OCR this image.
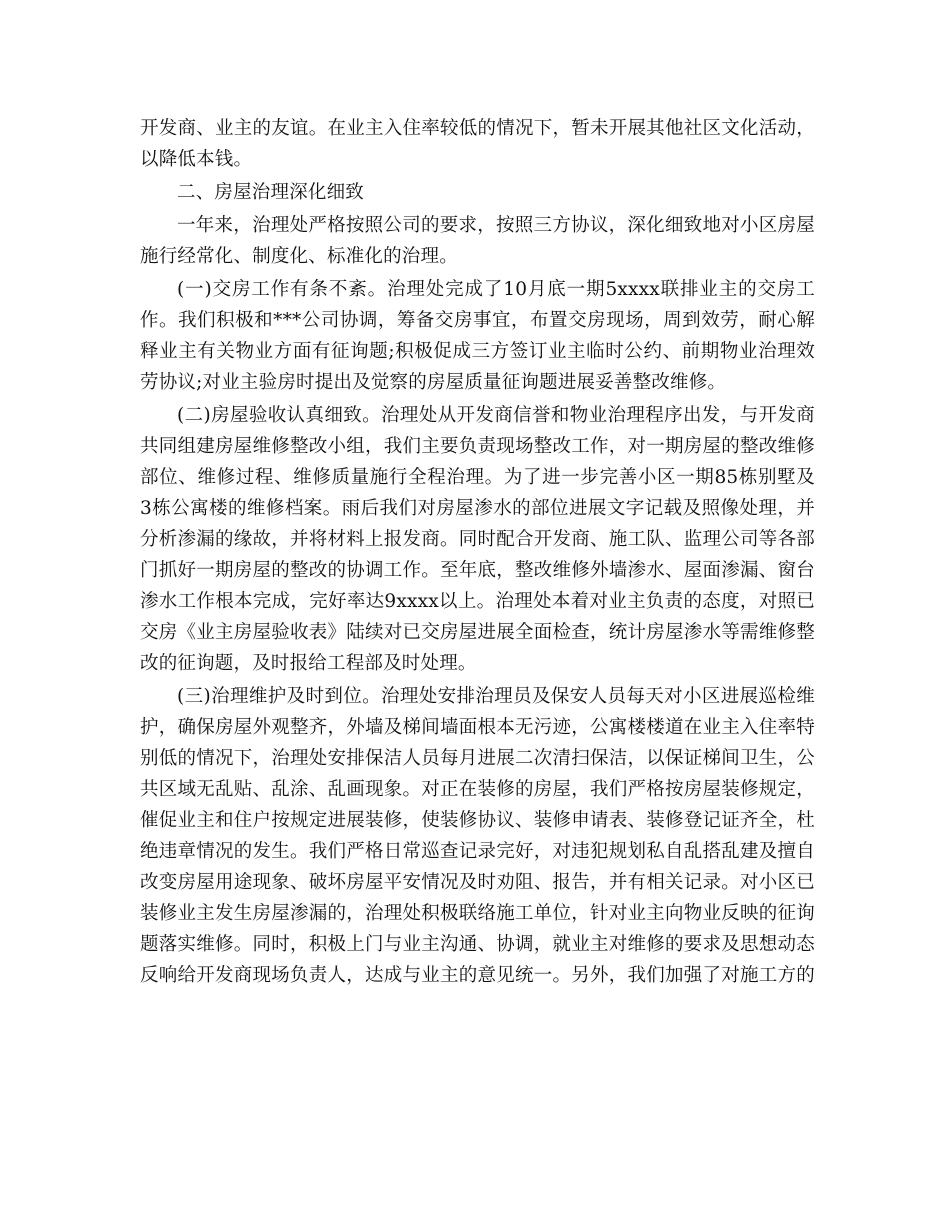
开发商、业主的友谊。在业主入住率较低的情况下，暂未开展其他社区文化活动，
以降低本钱。
二、房屋治理深化细致
一年来，治理处严格按照公司的要求，按照三方协议，深化细致地对小区房屋
施行经常化、制度化、标准化的治理。
(一)交房工作有条不紊。治理处完成了10月底一期5xxxx联排业主的交房工
作。我们积极和***公司协调，筹备交房事宜，布置交房现场，周到效劳，耐心解
释业主有关物业方面有征询题;积极促成三方签订业主临时公约、前期物业治理效
劳协议;对业主验房时提出及觉察的房屋质量征询题进展妥善整改维修。
(二)房屋验收认真细致。治理处从开发商信誉和物业治理程序出发，与开发商
共同组建房屋维修整改小组，我们主要负责现场整改工作，对一期房屋的整改维修
部位、维修过程、维修质量施行全程治理。为了进一步完善小区一期85栋别墅及
3栋公寓楼的维修档案。雨后我们对房屋渗水的部位进展文字记载及照像处理，并
分析渗漏的缘故，并将材料上报发商。同时配合开发商、施工队、监理公司等各部
门抓好一期房屋的整改的协调工作。至年底，整改维修外墙渗水、屋面渗漏、窗台
渗水工作根本完成，完好率达9xxxx以上。治理处本着对业主负责的态度，对照已
交房《业主房屋验收表》陆续对已交房屋进展全面检查，统计房屋渗水等需维修整
改的征询题，及时报给工程部及时处理。
(三)治理维护及时到位。治理处安排治理员及保安人员每天对小区进展巡检维
护，确保房屋外观整齐，外墙及梯间墙面根本无污迹，公寓楼楼道在业主入住率特
别低的情况下，治理处安排保洁人员每月进展二次清扫保洁，以保证梯间卫生，公
共区域无乱贴、乱涂、乱画现象。对正在装修的房屋，我们严格按房屋装修规定，
催促业主和住户按规定进展装修，使装修协议、装修申请表、装修登记证齐全，杜
绝违章情况的发生。我们严格日常巡查记录完好，对违犯规划私自乱搭乱建及擅自
改变房屋用途现象、破坏房屋平安情况及时劝阻、报告，并有相关记录。对小区已
装修业主发生房屋渗漏的，治理处积极联络施工单位，针对业主向物业反映的征询
题落实维修。同时，积极上门与业主沟通、协调，就业主对维修的要求及思想动态
反响给开发商现场负责人，达成与业主的意见统一。另外，我们加强了对施工方的
